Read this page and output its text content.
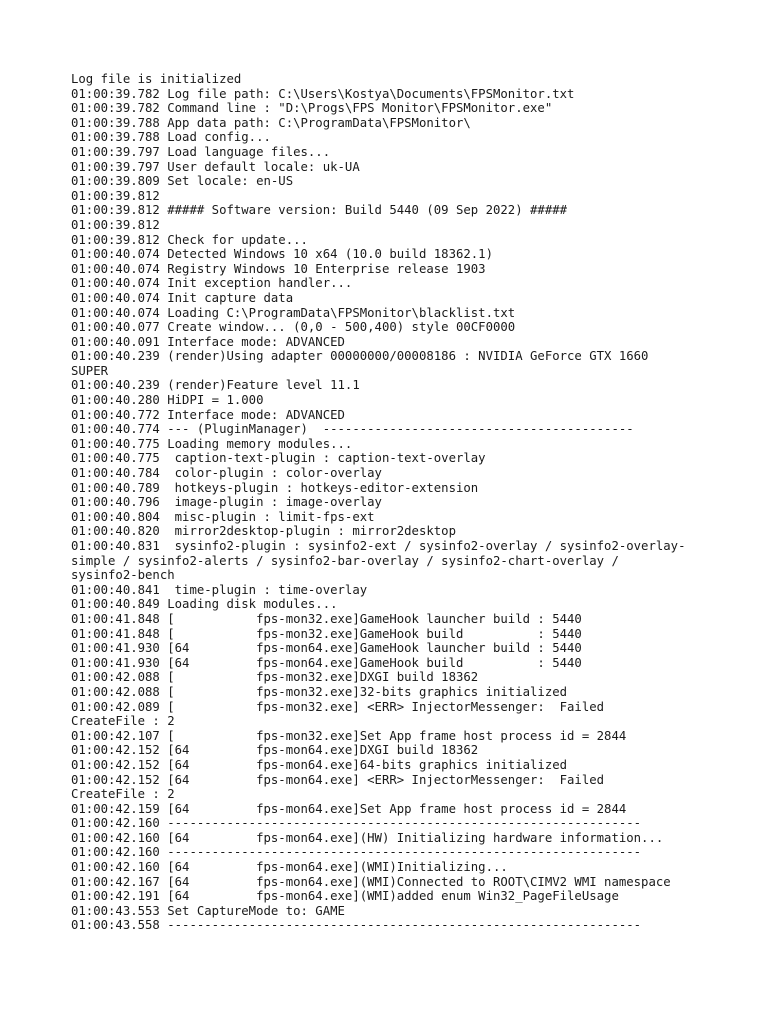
Log file is initialized
01:00:39.782 Log file path: C:\Users\Kostya\Documents\FPSMonitor.txt
01:00:39.782 Command line : "D:\Progs\FPS Monitor\FPSMonitor.exe"
01:00:39.788 App data path: C:\ProgramData\FPSMonitor\
01:00:39.788 Load config...
01:00:39.797 Load language files...
01:00:39.797 User default locale: uk-UA
01:00:39.809 Set locale: en-US
01:00:39.812
01:00:39.812 ##### Software version: Build 5440 (09 Sep 2022) #####
01:00:39.812
01:00:39.812 Check for update...
01:00:40.074 Detected Windows 10 x64 (10.0 build 18362.1)
01:00:40.074 Registry Windows 10 Enterprise release 1903
01:00:40.074 Init exception handler...
01:00:40.074 Init capture data
01:00:40.074 Loading C:\ProgramData\FPSMonitor\blacklist.txt
01:00:40.077 Create window... (0,0 - 500,400) style 00CF0000
01:00:40.091 Interface mode: ADVANCED
01:00:40.239 (render)Using adapter 00000000/00008186 : NVIDIA GeForce GTX 1660
SUPER
01:00:40.239 (render)Feature level 11.1
01:00:40.280 HiDPI = 1.000
01:00:40.772 Interface mode: ADVANCED
01:00:40.774 --- (PluginManager)  ------------------------------------------
01:00:40.775 Loading memory modules...
01:00:40.775  caption-text-plugin : caption-text-overlay
01:00:40.784  color-plugin : color-overlay
01:00:40.789  hotkeys-plugin : hotkeys-editor-extension
01:00:40.796  image-plugin : image-overlay
01:00:40.804  misc-plugin : limit-fps-ext
01:00:40.820  mirror2desktop-plugin : mirror2desktop
01:00:40.831  sysinfo2-plugin : sysinfo2-ext / sysinfo2-overlay / sysinfo2-overlay-
simple / sysinfo2-alerts / sysinfo2-bar-overlay / sysinfo2-chart-overlay /
sysinfo2-bench
01:00:40.841  time-plugin : time-overlay
01:00:40.849 Loading disk modules...
01:00:41.848 [           fps-mon32.exe]GameHook launcher build : 5440
01:00:41.848 [           fps-mon32.exe]GameHook build          : 5440
01:00:41.930 [64         fps-mon64.exe]GameHook launcher build : 5440
01:00:41.930 [64         fps-mon64.exe]GameHook build          : 5440
01:00:42.088 [           fps-mon32.exe]DXGI build 18362
01:00:42.088 [           fps-mon32.exe]32-bits graphics initialized
01:00:42.089 [           fps-mon32.exe] <ERR> InjectorMessenger:  Failed
CreateFile : 2
01:00:42.107 [           fps-mon32.exe]Set App frame host process id = 2844
01:00:42.152 [64         fps-mon64.exe]DXGI build 18362
01:00:42.152 [64         fps-mon64.exe]64-bits graphics initialized
01:00:42.152 [64         fps-mon64.exe] <ERR> InjectorMessenger:  Failed
CreateFile : 2
01:00:42.159 [64         fps-mon64.exe]Set App frame host process id = 2844
01:00:42.160 ----------------------------------------------------------------
01:00:42.160 [64         fps-mon64.exe](HW) Initializing hardware information...
01:00:42.160 ----------------------------------------------------------------
01:00:42.160 [64         fps-mon64.exe](WMI)Initializing...
01:00:42.167 [64         fps-mon64.exe](WMI)Connected to ROOT\CIMV2 WMI namespace
01:00:42.191 [64         fps-mon64.exe](WMI)added enum Win32_PageFileUsage
01:00:43.553 Set CaptureMode to: GAME
01:00:43.558 ----------------------------------------------------------------
